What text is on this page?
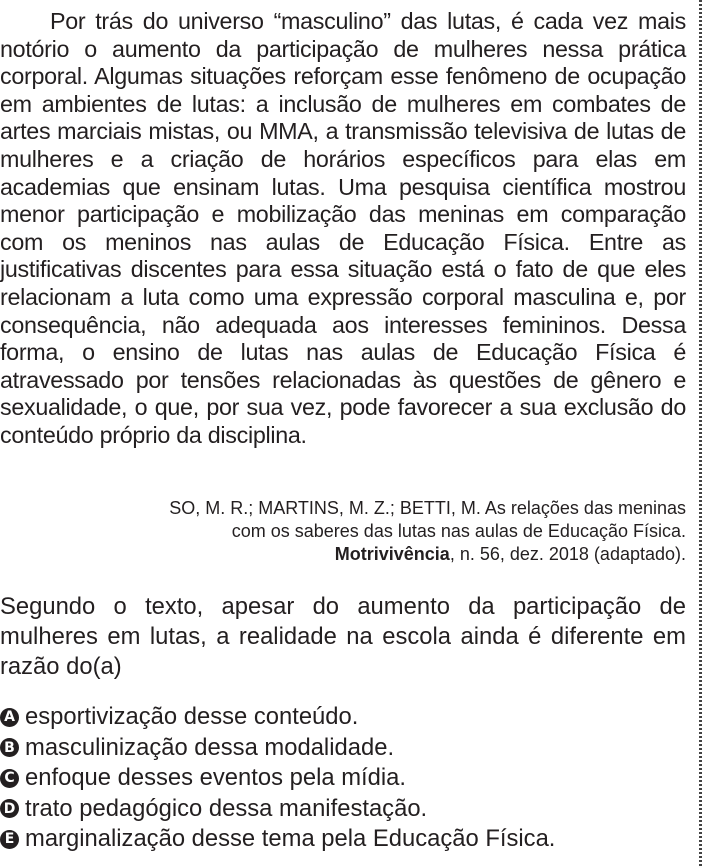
Por trás do universo “masculino” das lutas, é cada vez mais notório o aumento da participação de mulheres nessa prática corporal. Algumas situações reforçam esse fenômeno de ocupação em ambientes de lutas: a inclusão de mulheres em combates de artes marciais mistas, ou MMA, a transmissão televisiva de lutas de mulheres e a criação de horários específicos para elas em academias que ensinam lutas. Uma pesquisa científica mostrou menor participação e mobilização das meninas em comparação com os meninos nas aulas de Educação Física. Entre as justificativas discentes para essa situação está o fato de que eles relacionam a luta como uma expressão corporal masculina e, por consequência, não adequada aos interesses femininos. Dessa forma, o ensino de lutas nas aulas de Educação Física é atravessado por tensões relacionadas às questões de gênero e sexualidade, o que, por sua vez, pode favorecer a sua exclusão do conteúdo próprio da disciplina.

SO, M. R.; MARTINS, M. Z.; BETTI, M. As relações das meninas
com os saberes das lutas nas aulas de Educação Física.
Motrivivência, n. 56, dez. 2018 (adaptado).
Segundo o texto, apesar do aumento da participação de mulheres em lutas, a realidade na escola ainda é diferente em razão do(a)
A esportivização desse conteúdo.
B masculinização dessa modalidade.
C enfoque desses eventos pela mídia.
D trato pedagógico dessa manifestação.
E marginalização desse tema pela Educação Física.
